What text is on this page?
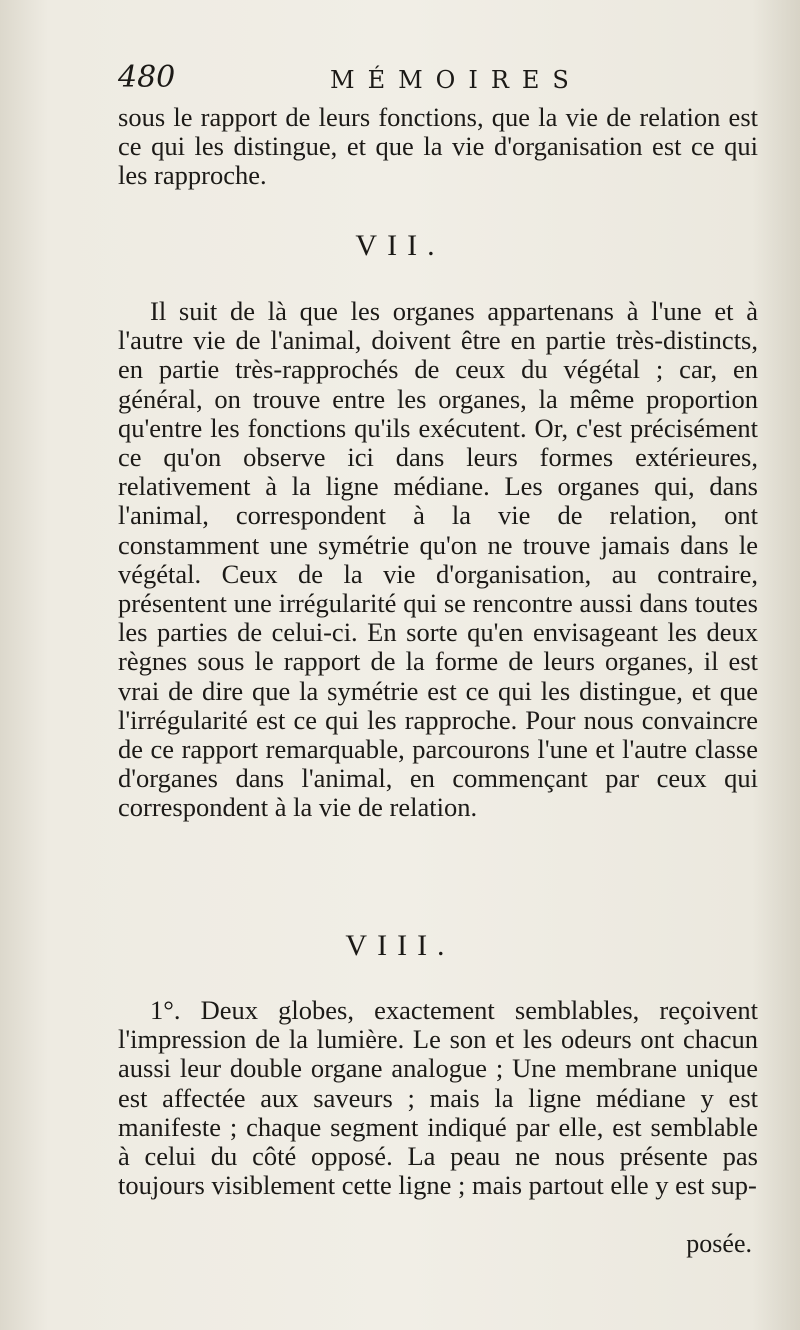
480	MÉMOIRES

sous le rapport de leurs fonctions, que la vie de relation est ce qui les distingue, et que la vie d'organisation est ce qui les rapproche.

VII.

Il suit de là que les organes appartenans à l'une et à l'autre vie de l'animal, doivent être en partie très-distincts, en partie très-rapprochés de ceux du végétal ; car, en général, on trouve entre les organes, la même proportion qu'entre les fonctions qu'ils exécutent. Or, c'est précisément ce qu'on observe ici dans leurs formes extérieures, relativement à la ligne médiane. Les organes qui, dans l'animal, correspondent à la vie de relation, ont constamment une symétrie qu'on ne trouve jamais dans le végétal. Ceux de la vie d'organisation, au contraire, présentent une irrégularité qui se rencontre aussi dans toutes les parties de celui-ci. En sorte qu'en envisageant les deux règnes sous le rapport de la forme de leurs organes, il est vrai de dire que la symétrie est ce qui les distingue, et que l'irrégularité est ce qui les rapproche. Pour nous convaincre de ce rapport remarquable, parcourons l'une et l'autre classe d'organes dans l'animal, en commençant par ceux qui correspondent à la vie de relation.

VIII.

1°. Deux globes, exactement semblables, reçoivent l'impression de la lumière. Le son et les odeurs ont chacun aussi leur double organe analogue ; Une membrane unique est affectée aux saveurs ; mais la ligne médiane y est manifeste ; chaque segment indiqué par elle, est semblable à celui du côté opposé. La peau ne nous présente pas toujours visiblement cette ligne ; mais partout elle y est sup-

posée.
